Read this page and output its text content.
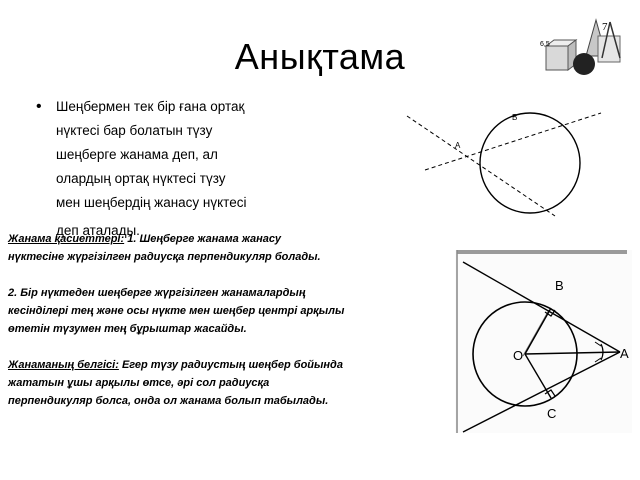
Анықтама
7
6,5
• Шеңбермен тек бір ғана ортақ
нүктесі бар болатын түзу
шеңберге жанама деп, ал
олардың ортақ нүктесі түзу
мен шеңбердің жанасу нүктесі
деп аталады.
A
B
B
O	A
C

Жанама қасиеттері: 1. Шеңберге жанама жанасу

нүктесіне жүргізілген радиусқа перпендикуляр болады.

2. Бір нүктеден шеңберге жүргізілген жанамалардың

кесінділері тең және осы нүкте мен шеңбер центрі арқылы

өтетін түзумен тең бұрыштар жасайды.

Жанаманың белгісі: Егер түзу радиустың шеңбер бойында

жататын ұшы арқылы өтсе, әрі сол радиусқа

перпендикуляр болса, онда ол жанама болып табылады.
